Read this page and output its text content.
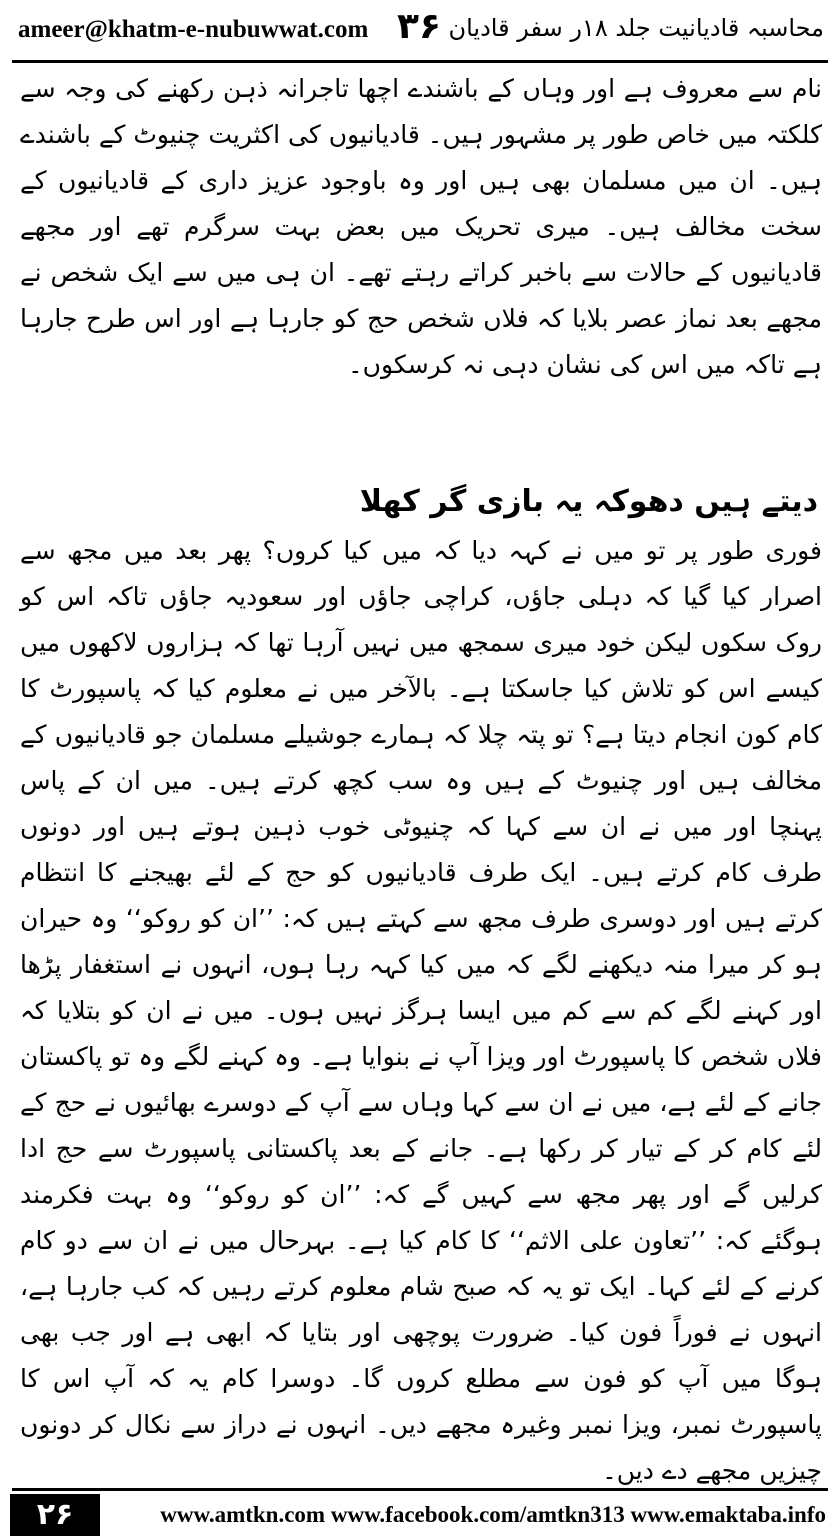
ameer@khatm-e-nubuwwat.com ۳۶ محاسبہ قادیانیت جلد ۱۸ر سفر قادیان

نام سے معروف ہے اور وہاں کے باشندے اچھا تاجرانہ ذہن رکھنے کی وجہ سے کلکتہ میں خاص طور پر مشہور ہیں۔ قادیانیوں کی اکثریت چنیوٹ کے باشندے ہیں۔ ان میں مسلمان بھی ہیں اور وہ باوجود عزیز داری کے قادیانیوں کے سخت مخالف ہیں۔ میری تحریک میں بعض بہت سرگرم تھے اور مجھے قادیانیوں کے حالات سے باخبر کراتے رہتے تھے۔ ان ہی میں سے ایک شخص نے مجھے بعد نماز عصر بلایا کہ فلاں شخص حج کو جارہا ہے اور اس طرح جارہا ہے تاکہ میں اس کی نشان دہی نہ کرسکوں۔

دیتے ہیں دھوکہ یہ بازی گر کھلا

فوری طور پر تو میں نے کہہ دیا کہ میں کیا کروں؟ پھر بعد میں مجھ سے اصرار کیا گیا کہ دہلی جاؤں، کراچی جاؤں اور سعودیہ جاؤں تاکہ اس کو روک سکوں لیکن خود میری سمجھ میں نہیں آرہا تھا کہ ہزاروں لاکھوں میں کیسے اس کو تلاش کیا جاسکتا ہے۔ بالآخر میں نے معلوم کیا کہ پاسپورٹ کا کام کون انجام دیتا ہے؟ تو پتہ چلا کہ ہمارے جوشیلے مسلمان جو قادیانیوں کے مخالف ہیں اور چنیوٹ کے ہیں وہ سب کچھ کرتے ہیں۔ میں ان کے پاس پہنچا اور میں نے ان سے کہا کہ چنیوٹی خوب ذہین ہوتے ہیں اور دونوں طرف کام کرتے ہیں۔ ایک طرف قادیانیوں کو حج کے لئے بھیجنے کا انتظام کرتے ہیں اور دوسری طرف مجھ سے کہتے ہیں کہ: ’’ان کو روکو‘‘ وہ حیران ہو کر میرا منہ دیکھنے لگے کہ میں کیا کہہ رہا ہوں، انہوں نے استغفار پڑھا اور کہنے لگے کم سے کم میں ایسا ہرگز نہیں ہوں۔ میں نے ان کو بتلایا کہ فلاں شخص کا پاسپورٹ اور ویزا آپ نے بنوایا ہے۔ وہ کہنے لگے وہ تو پاکستان جانے کے لئے ہے، میں نے ان سے کہا وہاں سے آپ کے دوسرے بھائیوں نے حج کے لئے کام کر کے تیار کر رکھا ہے۔ جانے کے بعد پاکستانی پاسپورٹ سے حج ادا کرلیں گے اور پھر مجھ سے کہیں گے کہ: ’’ان کو روکو‘‘ وہ بہت فکرمند ہوگئے کہ: ’’تعاون علی الاثم‘‘ کا کام کیا ہے۔ بہرحال میں نے ان سے دو کام کرنے کے لئے کہا۔ ایک تو یہ کہ صبح شام معلوم کرتے رہیں کہ کب جارہا ہے، انہوں نے فوراً فون کیا۔ ضرورت پوچھی اور بتایا کہ ابھی ہے اور جب بھی ہوگا میں آپ کو فون سے مطلع کروں گا۔ دوسرا کام یہ کہ آپ اس کا پاسپورٹ نمبر، ویزا نمبر وغیرہ مجھے دیں۔ انہوں نے دراز سے نکال کر دونوں چیزیں مجھے دے دیں۔

۲۶	www.amtkn.com www.facebook.com/amtkn313 www.emaktaba.info
